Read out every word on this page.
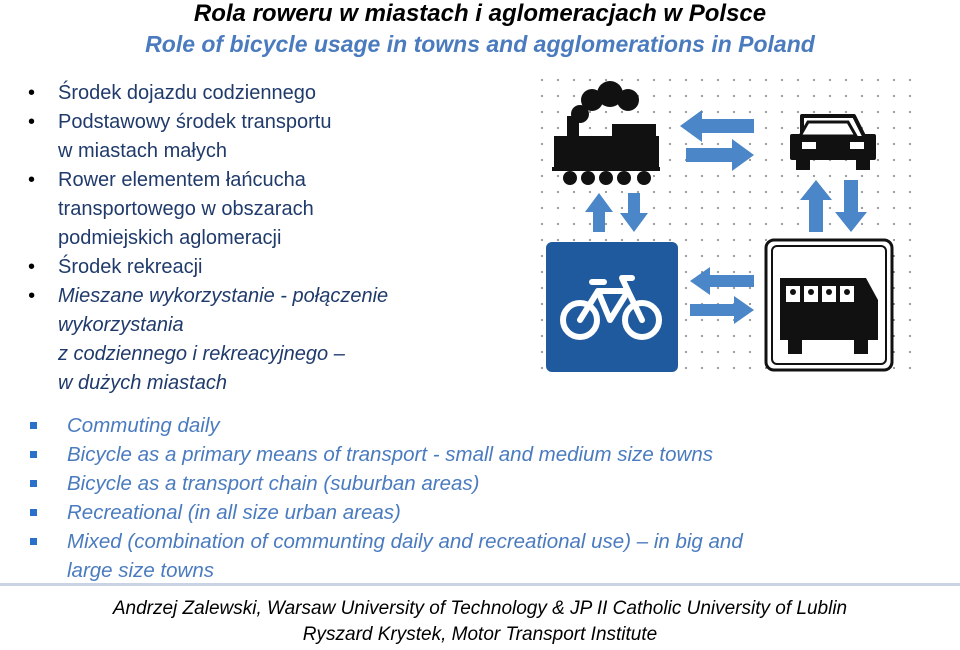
Rola roweru w miastach i aglomeracjach w Polsce
Role of bicycle usage in towns and agglomerations in Poland
• Środek dojazdu codziennego
• Podstawowy środek transportu
w miastach małych
• Rower elementem łańcucha
transportowego w obszarach
podmiejskich aglomeracji
• Środek rekreacji
• Mieszane wykorzystanie - połączenie
wykorzystania
z codziennego i rekreacyjnego –
w dużych miastach
Commuting daily
Bicycle as a primary means of transport - small and medium size towns
Bicycle as a transport chain (suburban areas)
Recreational (in all size urban areas)
Mixed (combination of communting daily and recreational use) – in big and
large size towns
Andrzej Zalewski, Warsaw University of Technology & JP II Catholic University of Lublin
Ryszard Krystek, Motor Transport Institute
